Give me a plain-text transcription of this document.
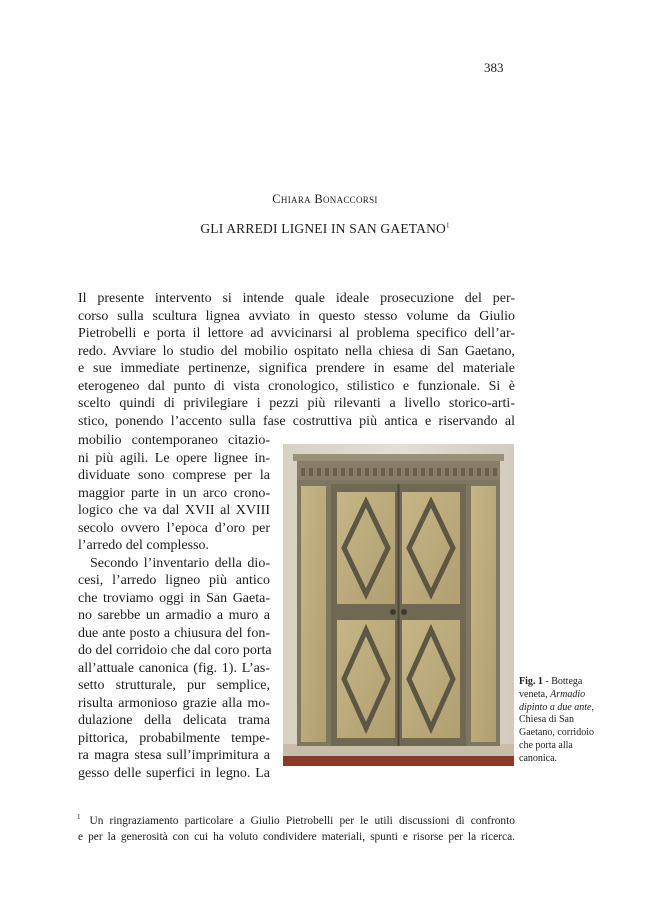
383
Chiara Bonaccorsi
GLI ARREDI LIGNEI IN SAN GAETANO$^1$
Il presente intervento si intende quale ideale prosecuzione del per-
corso sulla scultura lignea avviato in questo stesso volume da Giulio
Pietrobelli e porta il lettore ad avvicinarsi al problema specifico dell’ar-
redo. Avviare lo studio del mobilio ospitato nella chiesa di San Gaetano,
e sue immediate pertinenze, significa prendere in esame del materiale
eterogeneo dal punto di vista cronologico, stilistico e funzionale. Si è
scelto quindi di privilegiare i pezzi più rilevanti a livello storico-arti-
stico, ponendo l’accento sulla fase costruttiva più antica e riservando al
mobilio contemporaneo citazio-
ni più agili. Le opere lignee in-
dividuate sono comprese per la
maggior parte in un arco crono-
logico che va dal XVII al XVIII
secolo ovvero l’epoca d’oro per
l’arredo del complesso.
Secondo l’inventario della dio-
cesi, l’arredo ligneo più antico
che troviamo oggi in San Gaeta-
no sarebbe un armadio a muro a
due ante posto a chiusura del fon-
do del corridoio che dal coro porta
all’attuale canonica (fig. 1). L’as-
setto strutturale, pur semplice,
risulta armonioso grazie alla mo-
dulazione della delicata trama
pittorica, probabilmente tempe-
ra magra stesa sull’imprimitura a
gesso delle superfici in legno. La
Fig. 1 - Bottega
veneta, Armadio
dipinto a due ante,
Chiesa di San
Gaetano, corridoio
che porta alla
canonica.
$^1$ Un ringraziamento particolare a Giulio Pietrobelli per le utili discussioni di confronto
e per la generosità con cui ha voluto condividere materiali, spunti e risorse per la ricerca.
